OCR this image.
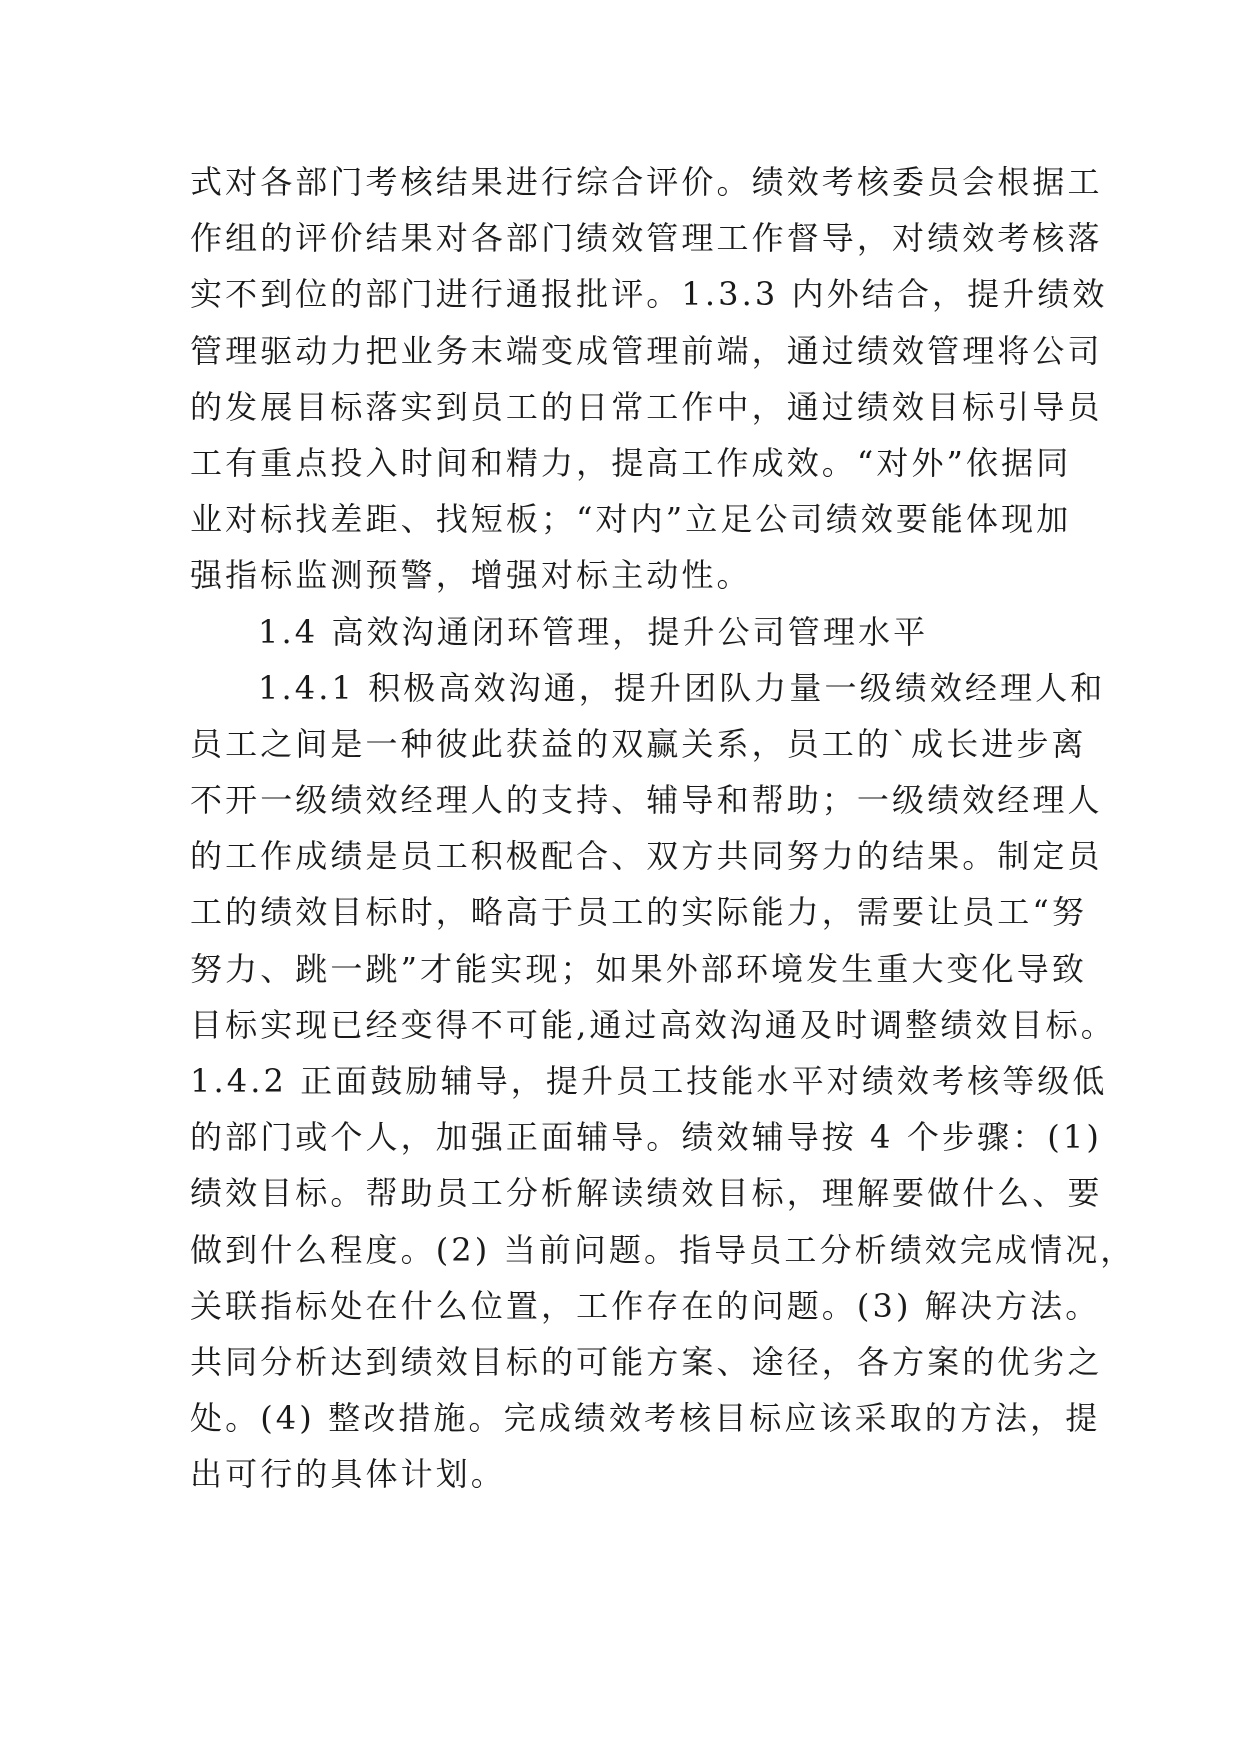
式对各部门考核结果进行综合评价。绩效考核委员会根据工
作组的评价结果对各部门绩效管理工作督导，对绩效考核落
实不到位的部门进行通报批评。1.3.3 内外结合，提升绩效
管理驱动力把业务末端变成管理前端，通过绩效管理将公司
的发展目标落实到员工的日常工作中，通过绩效目标引导员
工有重点投入时间和精力，提高工作成效。“对外”依据同
业对标找差距、找短板；“对内”立足公司绩效要能体现加
强指标监测预警，增强对标主动性。
1.4 高效沟通闭环管理，提升公司管理水平
1.4.1 积极高效沟通，提升团队力量一级绩效经理人和
员工之间是一种彼此获益的双赢关系，员工的`成长进步离
不开一级绩效经理人的支持、辅导和帮助；一级绩效经理人
的工作成绩是员工积极配合、双方共同努力的结果。制定员
工的绩效目标时，略高于员工的实际能力，需要让员工“努
努力、跳一跳”才能实现；如果外部环境发生重大变化导致
目标实现已经变得不可能,通过高效沟通及时调整绩效目标。
1.4.2 正面鼓励辅导，提升员工技能水平对绩效考核等级低
的部门或个人，加强正面辅导。绩效辅导按 4 个步骤：(1)
绩效目标。帮助员工分析解读绩效目标，理解要做什么、要
做到什么程度。(2) 当前问题。指导员工分析绩效完成情况，
关联指标处在什么位置，工作存在的问题。(3) 解决方法。
共同分析达到绩效目标的可能方案、途径，各方案的优劣之
处。(4) 整改措施。完成绩效考核目标应该采取的方法，提
出可行的具体计划。
